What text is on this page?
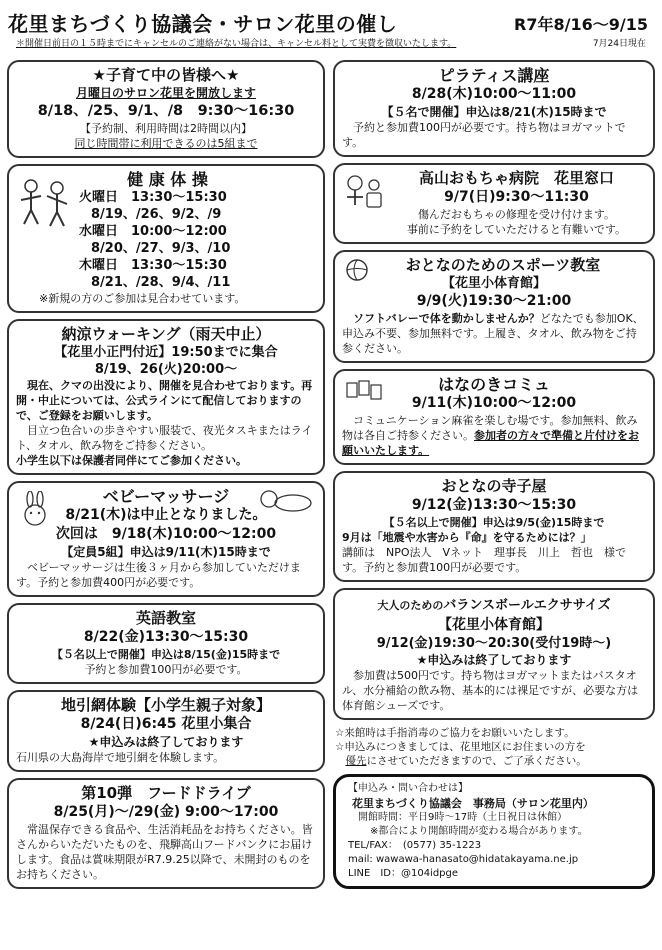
花里まちづくり協議会・サロン花里の催し	R7年8/16～9/15
＊開催日前日の１５時までにキャンセルのご連絡がない場合は、キャンセル料として実費を徴収いたします。	7月24日現在
★子育て中の皆様へ★
月曜日のサロン花里を開放します
8/18、/25、9/1、/8　9:30～16:30
【予約制、利用時間は2時間以内】
同じ時間帯に利用できるのは5組まで
健 康 体 操
火曜日　13:30～15:30
8/19、/26、9/2、/9
水曜日　10:00～12:00
8/20、/27、9/3、/10
木曜日　13:30～15:30
8/21、/28、9/4、/11
※新規の方のご参加は見合わせています。
納涼ウォーキング（雨天中止）
【花里小正門付近】19:50までに集合
8/19、26(火)20:00～
現在、クマの出没により、開催を見合わせております。再開・中止については、公式ラインにて配信しておりますので、ご登録をお願いします。
目立つ色合いの歩きやすい服装で、夜光タスキまたはライト、タオル、飲み物をご持参ください。
小学生以下は保護者同伴にてご参加ください。
ベビーマッサージ
8/21(木)は中止となりました。
次回は　9/18(木)10:00～12:00
【定員5組】申込は9/11(木)15時まで
ベビーマッサージは生後３ヶ月から参加していただけます。予約と参加費400円が必要です。
英語教室
8/22(金)13:30～15:30
【５名以上で開催】申込は8/15(金)15時まで
予約と参加費100円が必要です。
地引網体験【小学生親子対象】
8/24(日)6:45 花里小集合
★申込みは終了しております
石川県の大島海岸で地引網を体験します。
第10弾　フードドライブ
8/25(月)～/29(金) 9:00～17:00
常温保存できる食品や、生活消耗品をお持ちください。皆さんからいただいたものを、飛騨高山フードバンクにお届けします。食品は賞味期限がR7.9.25以降で、未開封のものをお持ちください。
ピラティス講座
8/28(木)10:00～11:00
【５名で開催】申込は8/21(木)15時まで
予約と参加費100円が必要です。持ち物はヨガマットです。
高山おもちゃ病院　花里窓口
9/7(日)9:30～11:30
傷んだおもちゃの修理を受け付けます。
事前に予約をしていただけると有難いです。
おとなのためのスポーツ教室
【花里小体育館】
9/9(火)19:30～21:00
ソフトバレーで体を動かしませんか？どなたでも参加OK、申込み不要、参加無料です。上履き、タオル、飲み物をご持参ください。
はなのきコミュ
9/11(木)10:00～12:00
コミュニケーション麻雀を楽しむ場です。参加無料、飲み物は各自ご持参ください。参加者の方々で準備と片付けをお願いいたします。
おとなの寺子屋
9/12(金)13:30～15:30
【５名以上で開催】申込は9/5(金)15時まで
9月は「地震や水害から『命』を守るためには？」
講師は　NPO法人　Vネット　理事長　川上　哲也　様です。予約と参加費100円が必要です。
大人のためのバランスボールエクササイズ
【花里小体育館】
9/12(金)19:30～20:30(受付19時～)
★申込みは終了しております
参加費は500円です。持ち物はヨガマットまたはバスタオル、水分補給の飲み物、基本的には裸足ですが、必要な方は体育館シューズです。
☆来館時は手指消毒のご協力をお願いいたします。
☆申込みにつきましては、花里地区にお住まいの方を
優先にさせていただきますので、ご了承ください。
【申込み・問い合わせは】
花里まちづくり協議会　事務局（サロン花里内）
開館時間：平日9時～17時（土日祝日は休館）
※都合により開館時間が変わる場合があります。
TEL/FAX：　(0577) 35-1223
mail: wawawa-hanasato@hidatakayama.ne.jp
LINE　ID：@104idpge
